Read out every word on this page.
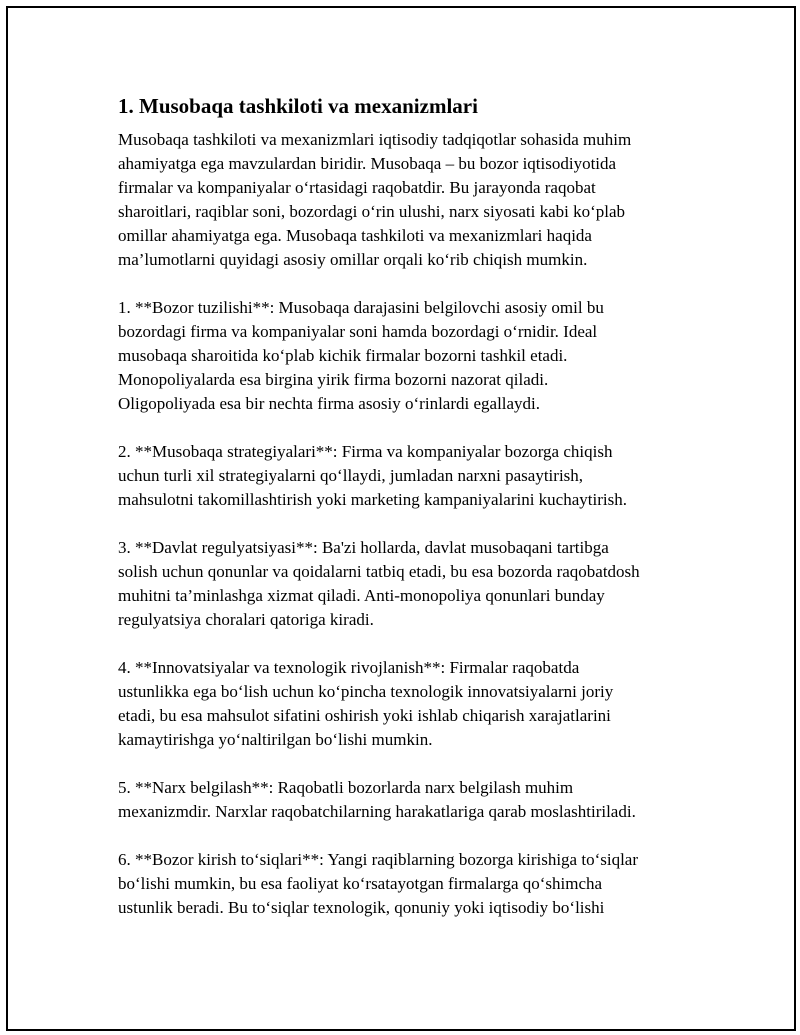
1. Musobaqa tashkiloti va mexanizmlari

Musobaqa tashkiloti va mexanizmlari iqtisodiy tadqiqotlar sohasida muhim
ahamiyatga ega mavzulardan biridir. Musobaqa – bu bozor iqtisodiyotida
firmalar va kompaniyalar o‘rtasidagi raqobatdir. Bu jarayonda raqobat
sharoitlari, raqiblar soni, bozordagi o‘rin ulushi, narx siyosati kabi ko‘plab
omillar ahamiyatga ega. Musobaqa tashkiloti va mexanizmlari haqida
ma’lumotlarni quyidagi asosiy omillar orqali ko‘rib chiqish mumkin.

1. **Bozor tuzilishi**: Musobaqa darajasini belgilovchi asosiy omil bu
bozordagi firma va kompaniyalar soni hamda bozordagi o‘rnidir. Ideal
musobaqa sharoitida ko‘plab kichik firmalar bozorni tashkil etadi.
Monopoliyalarda esa birgina yirik firma bozorni nazorat qiladi.
Oligopoliyada esa bir nechta firma asosiy o‘rinlardi egallaydi.

2. **Musobaqa strategiyalari**: Firma va kompaniyalar bozorga chiqish
uchun turli xil strategiyalarni qo‘llaydi, jumladan narxni pasaytirish,
mahsulotni takomillashtirish yoki marketing kampaniyalarini kuchaytirish.

3. **Davlat regulyatsiyasi**: Ba'zi hollarda, davlat musobaqani tartibga
solish uchun qonunlar va qoidalarni tatbiq etadi, bu esa bozorda raqobatdosh
muhitni ta’minlashga xizmat qiladi. Anti-monopoliya qonunlari bunday
regulyatsiya choralari qatoriga kiradi.

4. **Innovatsiyalar va texnologik rivojlanish**: Firmalar raqobatda
ustunlikka ega bo‘lish uchun ko‘pincha texnologik innovatsiyalarni joriy
etadi, bu esa mahsulot sifatini oshirish yoki ishlab chiqarish xarajatlarini
kamaytirishga yo‘naltirilgan bo‘lishi mumkin.

5. **Narx belgilash**: Raqobatli bozorlarda narx belgilash muhim
mexanizmdir. Narxlar raqobatchilarning harakatlariga qarab moslashtiriladi.

6. **Bozor kirish to‘siqlari**: Yangi raqiblarning bozorga kirishiga to‘siqlar
bo‘lishi mumkin, bu esa faoliyat ko‘rsatayotgan firmalarga qo‘shimcha
ustunlik beradi. Bu to‘siqlar texnologik, qonuniy yoki iqtisodiy bo‘lishi
